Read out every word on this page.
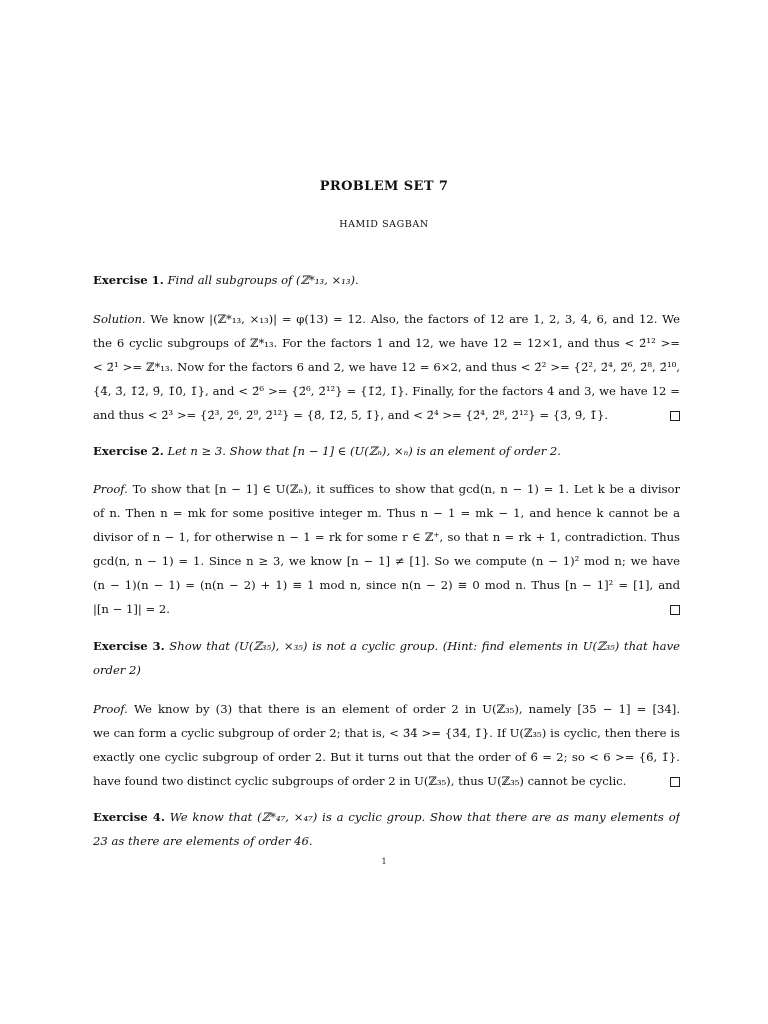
PROBLEM SET 7
HAMID SAGBAN
Exercise 1. Find all subgroups of (ℤ*₁₃, ×₁₃).
Solution. We know |(ℤ*₁₃, ×₁₃)| = φ(13) = 12. Also, the factors of 12 are 1, 2, 3, 4, 6, and 12. We
the 6 cyclic subgroups of ℤ*₁₃. For the factors 1 and 12, we have 12 = 12×1, and thus < 2̄¹² >=
< 2̄¹ >= ℤ*₁₃. Now for the factors 6 and 2, we have 12 = 6×2, and thus < 2̄² >= {2̄², 2̄⁴, 2̄⁶, 2̄⁸, 2̄¹⁰,
{4̄, 3̄, 1̄2̄, 9̄, 1̄0̄, 1̄}, and < 2̄⁶ >= {2̄⁶, 2̄¹²} = {1̄2̄, 1̄}. Finally, for the factors 4 and 3, we have 12 =
and thus < 2̄³ >= {2̄³, 2̄⁶, 2̄⁹, 2̄¹²} = {8̄, 1̄2̄, 5̄, 1̄}, and < 2̄⁴ >= {2̄⁴, 2̄⁸, 2̄¹²} = {3̄, 9̄, 1̄}.
Exercise 2. Let n ≥ 3. Show that [n − 1] ∈ (U(ℤₙ), ×ₙ) is an element of order 2.
Proof. To show that [n − 1] ∈ U(ℤₙ), it suffices to show that gcd(n, n − 1) = 1. Let k be a divisor
of n. Then n = mk for some positive integer m. Thus n − 1 = mk − 1, and hence k cannot be a
divisor of n − 1, for otherwise n − 1 = rk for some r ∈ ℤ⁺, so that n = rk + 1, contradiction. Thus
gcd(n, n − 1) = 1. Since n ≥ 3, we know [n − 1] ≠ [1]. So we compute (n − 1)² mod n; we have
(n − 1)(n − 1) = (n(n − 2) + 1) ≡ 1 mod n, since n(n − 2) ≡ 0 mod n. Thus [n − 1]² = [1], and
|[n − 1]| = 2.
Exercise 3. Show that (U(ℤ₃₅), ×₃₅) is not a cyclic group. (Hint: find elements in U(ℤ₃₅) that have
order 2)
Proof. We know by (3) that there is an element of order 2 in U(ℤ₃₅), namely [35 − 1] = [34].
we can form a cyclic subgroup of order 2; that is, < 3̄4̄ >= {3̄4̄, 1̄}. If U(ℤ₃₅) is cyclic, then there is
exactly one cyclic subgroup of order 2. But it turns out that the order of 6̄ = 2; so < 6 >= {6̄, 1̄}.
have found two distinct cyclic subgroups of order 2 in U(ℤ₃₅), thus U(ℤ₃₅) cannot be cyclic.
Exercise 4. We know that (ℤ*₄₇, ×₄₇) is a cyclic group. Show that there are as many elements of
23 as there are elements of order 46.
1
